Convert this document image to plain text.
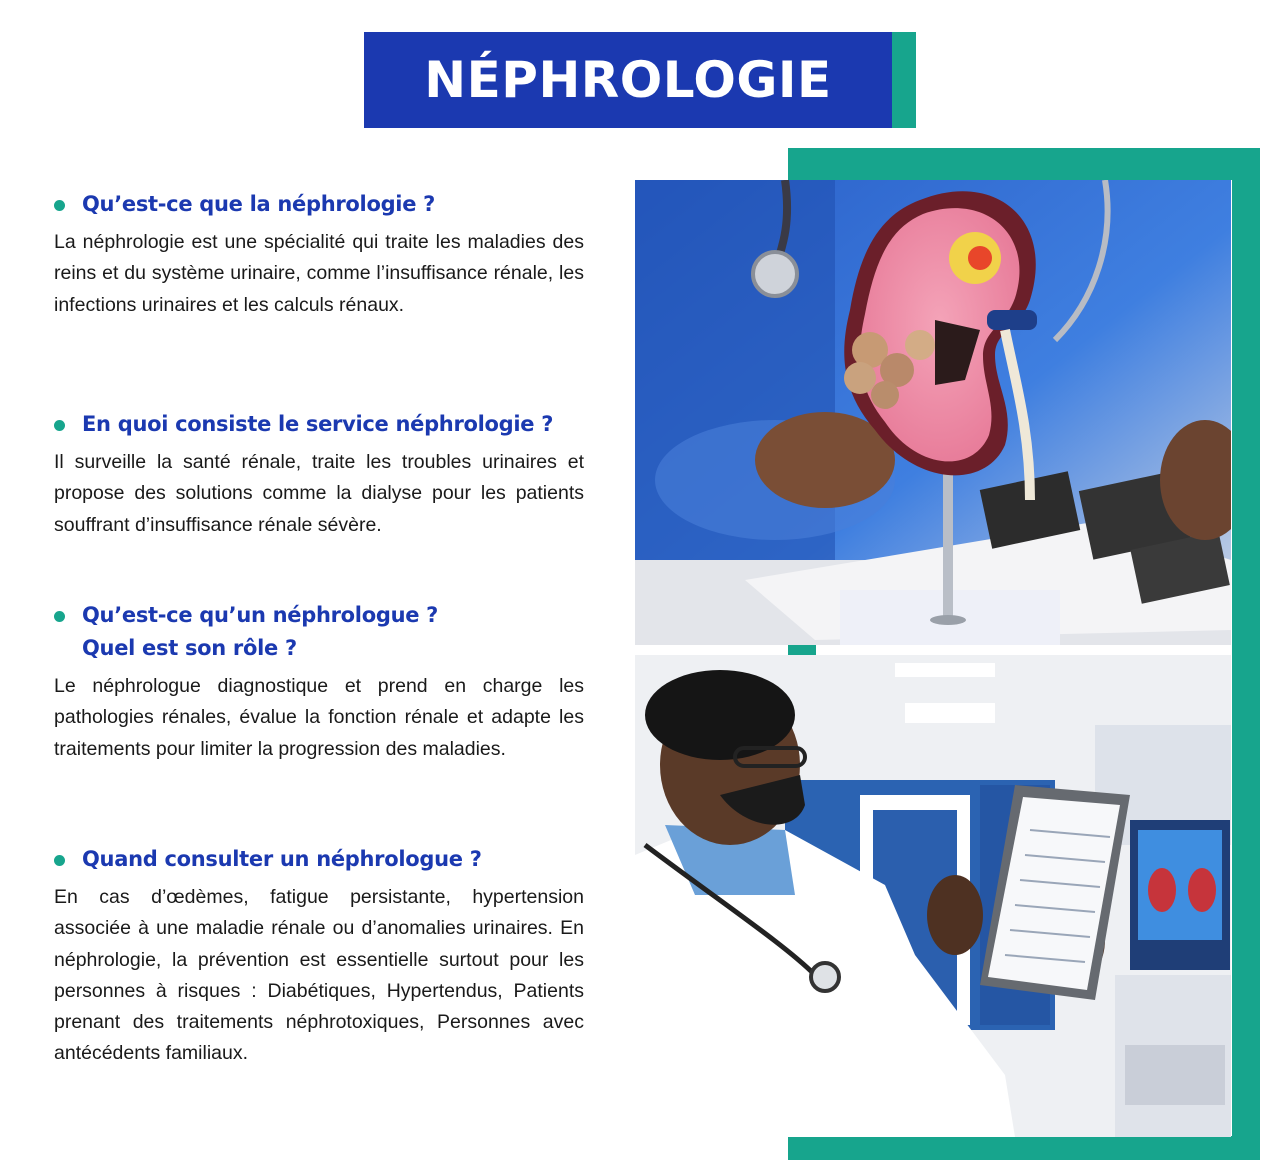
NÉPHROLOGIE
Qu’est-ce que la néphrologie ?

La néphrologie est une spécialité qui traite les maladies des reins et du système urinaire, comme l’insuffisance rénale, les infections urinaires et les calculs rénaux.

En quoi consiste le service néphrologie ?

Il surveille la santé rénale, traite les troubles urinaires et propose des solutions comme la dialyse pour les patients souffrant d’insuffisance rénale sévère.

Qu’est-ce qu’un néphrologue ?
Quel est son rôle ?

Le néphrologue diagnostique et prend en charge les pathologies rénales, évalue la fonction rénale et adapte les traitements pour limiter la progression des maladies.

Quand consulter un néphrologue ?

En cas d’œdèmes, fatigue persistante, hypertension associée à une maladie rénale ou d’anomalies urinaires. En néphrologie, la prévention est essentielle surtout pour les personnes à risques : Diabétiques, Hypertendus, Patients prenant des traitements néphrotoxiques, Personnes avec antécédents familiaux.
